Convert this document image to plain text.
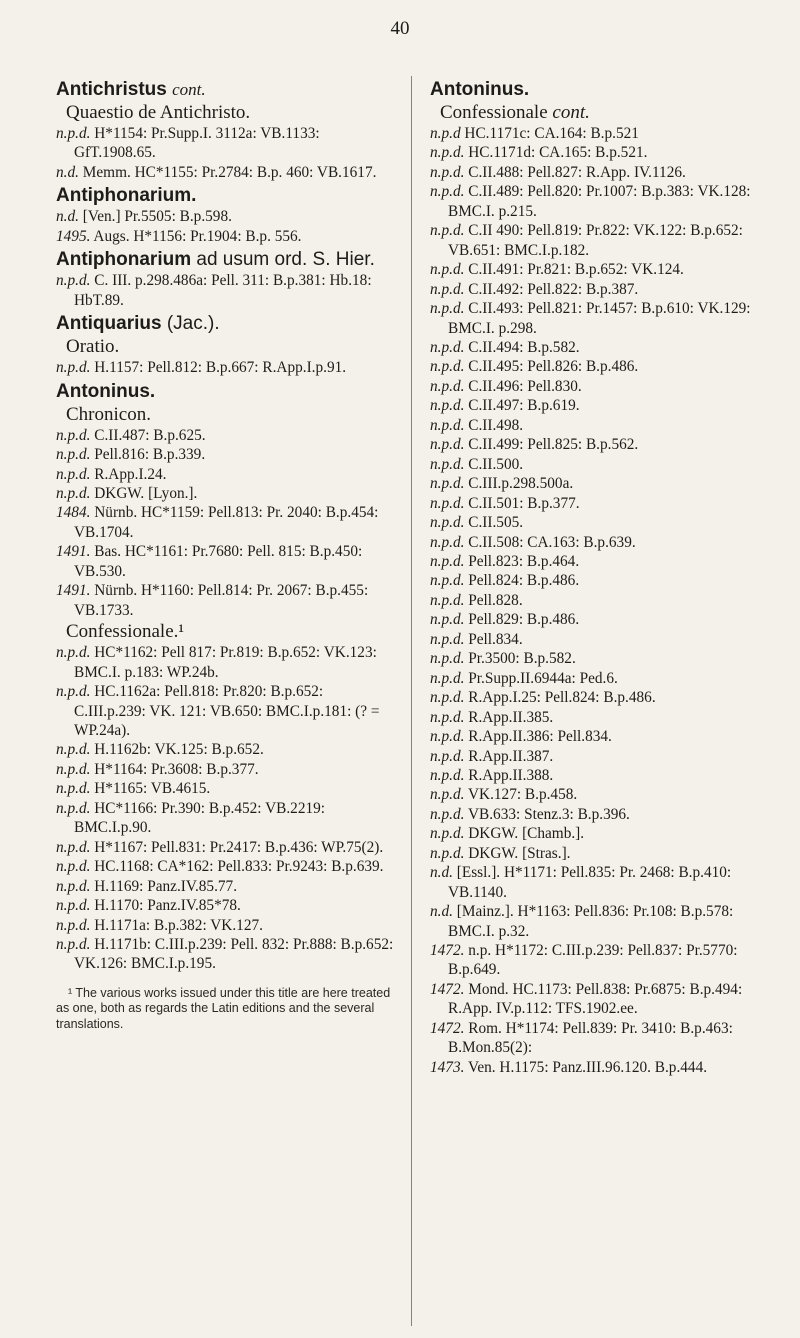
40
Antichristus cont.
Quaestio de Antichristo.
n.p.d. H*1154: Pr.Supp.I. 3112a: VB.1133: GfT.1908.65.
n.d. Memm. HC*1155: Pr.2784: B.p. 460: VB.1617.
Antiphonarium.
n.d. [Ven.] Pr.5505: B.p.598.
1495. Augs. H*1156: Pr.1904: B.p. 556.
Antiphonarium ad usum ord. S. Hier.
n.p.d. C. III. p.298.486a: Pell. 311: B.p.381: Hb.18: HbT.89.
Antiquarius (Jac.).
Oratio.
n.p.d. H.1157: Pell.812: B.p.667: R.App.I.p.91.
Antoninus.
Chronicon.
n.p.d. C.II.487: B.p.625.
n.p.d. Pell.816: B.p.339.
n.p.d. R.App.I.24.
n.p.d. DKGW. [Lyon.].
1484. Nürnb. HC*1159: Pell.813: Pr. 2040: B.p.454: VB.1704.
1491. Bas. HC*1161: Pr.7680: Pell. 815: B.p.450: VB.530.
1491. Nürnb. H*1160: Pell.814: Pr. 2067: B.p.455: VB.1733.
Confessionale.¹
n.p.d. HC*1162: Pell 817: Pr.819: B.p.652: VK.123: BMC.I. p.183: WP.24b.
n.p.d. HC.1162a: Pell.818: Pr.820: B.p.652: C.III.p.239: VK. 121: VB.650: BMC.I.p.181: (? = WP.24a).
n.p.d. H.1162b: VK.125: B.p.652.
n.p.d. H*1164: Pr.3608: B.p.377.
n.p.d. H*1165: VB.4615.
n.p.d. HC*1166: Pr.390: B.p.452: VB.2219: BMC.I.p.90.
n.p.d. H*1167: Pell.831: Pr.2417: B.p.436: WP.75(2).
n.p.d. HC.1168: CA*162: Pell.833: Pr.9243: B.p.639.
n.p.d. H.1169: Panz.IV.85.77.
n.p.d. H.1170: Panz.IV.85*78.
n.p.d. H.1171a: B.p.382: VK.127.
n.p.d. H.1171b: C.III.p.239: Pell. 832: Pr.888: B.p.652: VK.126: BMC.I.p.195.
¹ The various works issued under this title are here treated as one, both as regards the Latin editions and the several translations.
Antoninus.
Confessionale cont.
n.p.d HC.1171c: CA.164: B.p.521
n.p.d. HC.1171d: CA.165: B.p.521.
n.p.d. C.II.488: Pell.827: R.App. IV.1126.
n.p.d. C.II.489: Pell.820: Pr.1007: B.p.383: VK.128: BMC.I. p.215.
n.p.d. C.II 490: Pell.819: Pr.822: VK.122: B.p.652: VB.651: BMC.I.p.182.
n.p.d. C.II.491: Pr.821: B.p.652: VK.124.
n.p.d. C.II.492: Pell.822: B.p.387.
n.p.d. C.II.493: Pell.821: Pr.1457: B.p.610: VK.129: BMC.I. p.298.
n.p.d. C.II.494: B.p.582.
n.p.d. C.II.495: Pell.826: B.p.486.
n.p.d. C.II.496: Pell.830.
n.p.d. C.II.497: B.p.619.
n.p.d. C.II.498.
n.p.d. C.II.499: Pell.825: B.p.562.
n.p.d. C.II.500.
n.p.d. C.III.p.298.500a.
n.p.d. C.II.501: B.p.377.
n.p.d. C.II.505.
n.p.d. C.II.508: CA.163: B.p.639.
n.p.d. Pell.823: B.p.464.
n.p.d. Pell.824: B.p.486.
n.p.d. Pell.828.
n.p.d. Pell.829: B.p.486.
n.p.d. Pell.834.
n.p.d. Pr.3500: B.p.582.
n.p.d. Pr.Supp.II.6944a: Ped.6.
n.p.d. R.App.I.25: Pell.824: B.p.486.
n.p.d. R.App.II.385.
n.p.d. R.App.II.386: Pell.834.
n.p.d. R.App.II.387.
n.p.d. R.App.II.388.
n.p.d. VK.127: B.p.458.
n.p.d. VB.633: Stenz.3: B.p.396.
n.p.d. DKGW. [Chamb.].
n.p.d. DKGW. [Stras.].
n.d. [Essl.]. H*1171: Pell.835: Pr. 2468: B.p.410: VB.1140.
n.d. [Mainz.]. H*1163: Pell.836: Pr.108: B.p.578: BMC.I. p.32.
1472. n.p. H*1172: C.III.p.239: Pell.837: Pr.5770: B.p.649.
1472. Mond. HC.1173: Pell.838: Pr.6875: B.p.494: R.App. IV.p.112: TFS.1902.ee.
1472. Rom. H*1174: Pell.839: Pr. 3410: B.p.463: B.Mon.85(2):
1473. Ven. H.1175: Panz.III.96.120. B.p.444.
